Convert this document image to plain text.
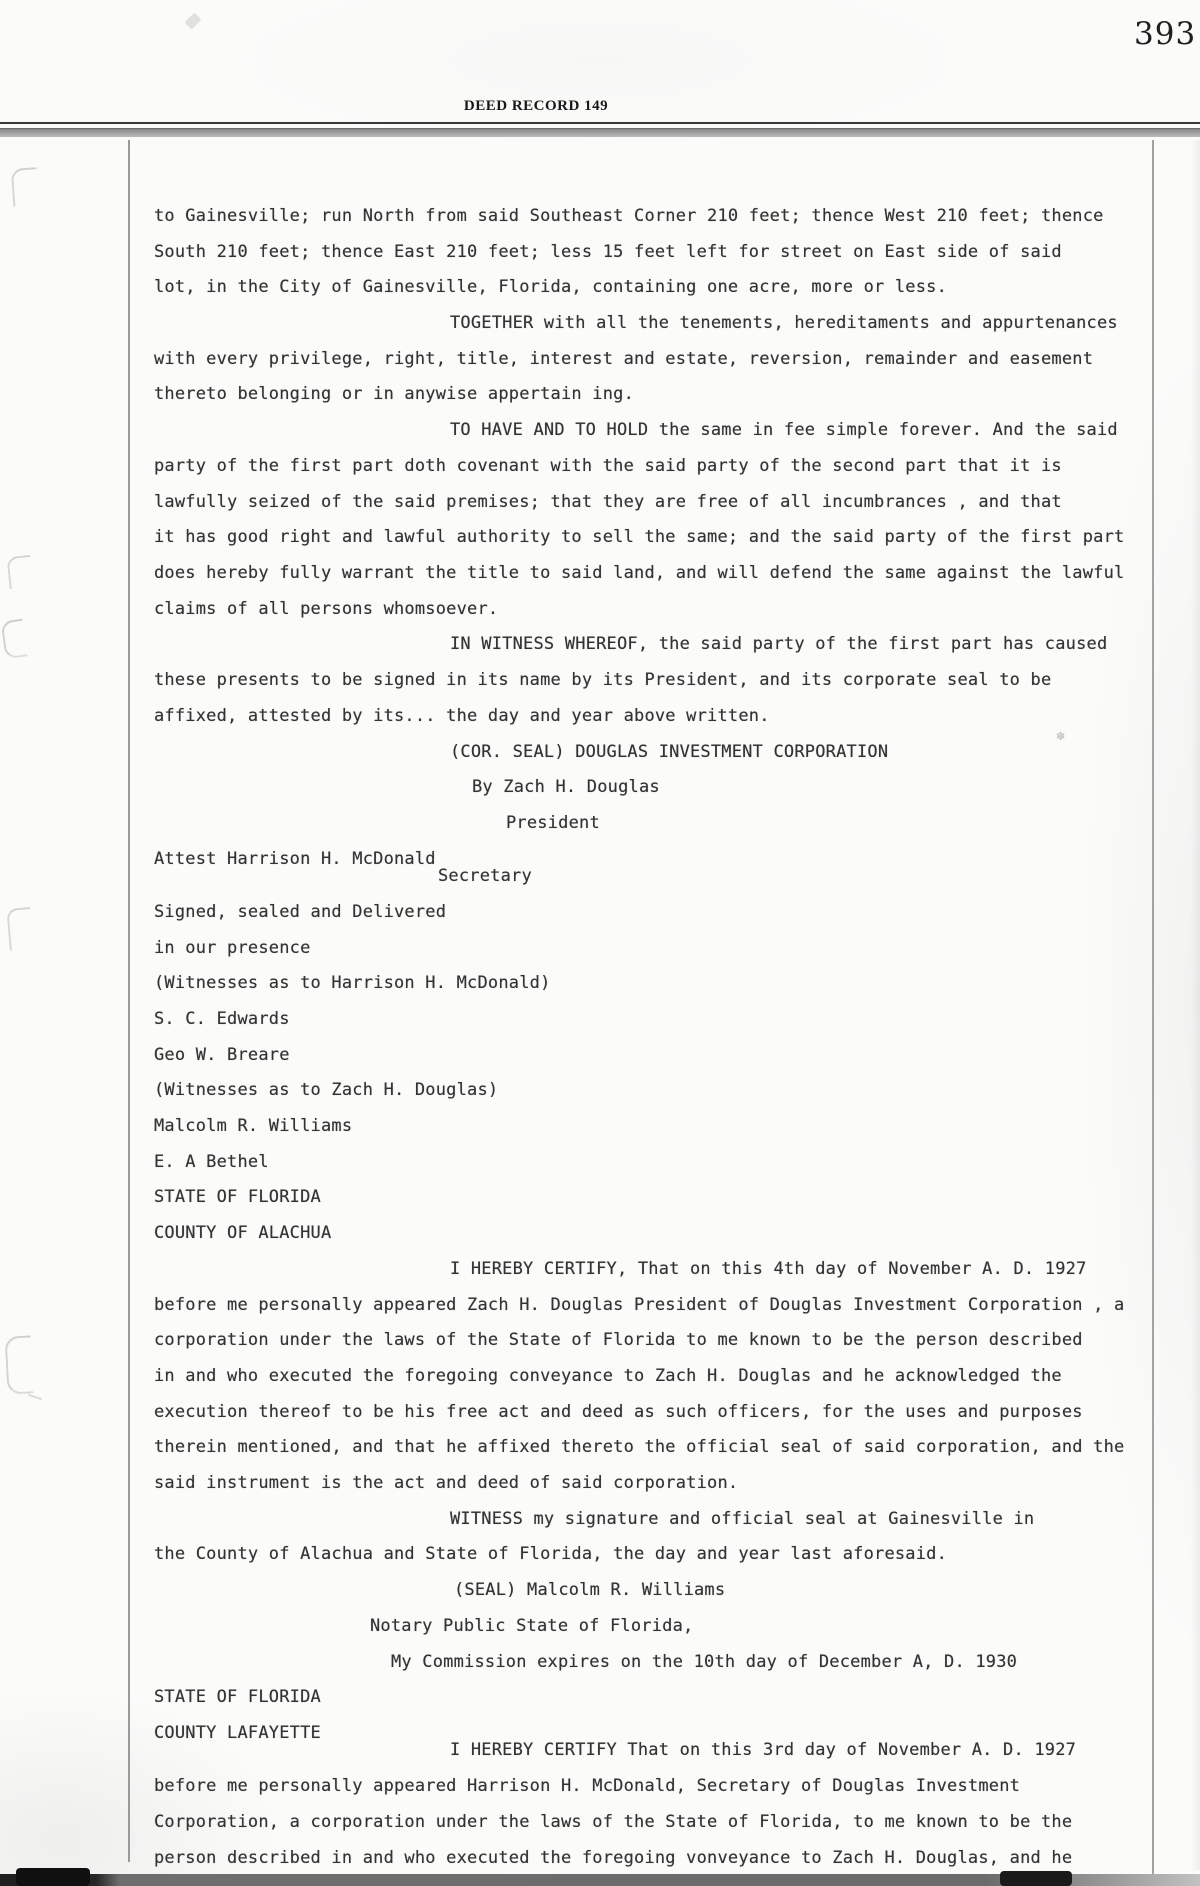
393
DEED RECORD 149
to Gainesville; run North from said Southeast Corner 210 feet; thence West 210 feet; thence
South 210 feet; thence East 210 feet; less 15 feet left for street on East side of said
lot, in the City of Gainesville, Florida, containing one acre, more or less.
TOGETHER with all the tenements, hereditaments and appurtenances
with every privilege, right, title, interest and estate, reversion, remainder and easement
thereto belonging or in anywise appertain ing.
TO HAVE AND TO HOLD the same in fee simple forever. And the said
party of the first part doth covenant with the said party of the second part that it is
lawfully seized of the said premises; that they are free of all incumbrances , and that
it has good right and lawful authority to sell the same; and the said party of the first part
does hereby fully warrant the title to said land, and will defend the same against the lawful
claims of all persons whomsoever.
IN WITNESS WHEREOF, the said party of the first part has caused
these presents to be signed in its name by its President, and its corporate seal to be
affixed, attested by its... the day and year above written.
(COR. SEAL) DOUGLAS INVESTMENT CORPORATION
By Zach H. Douglas
President
Attest Harrison H. McDonald
Secretary
Signed, sealed and Delivered
in our presence
(Witnesses as to Harrison H. McDonald)
S. C. Edwards
Geo W. Breare
(Witnesses as to Zach H. Douglas)
Malcolm R. Williams
E. A Bethel
STATE OF FLORIDA
COUNTY OF ALACHUA
I HEREBY CERTIFY, That on this 4th day of November A. D. 1927
before me personally appeared Zach H. Douglas President of Douglas Investment Corporation , a
corporation under the laws of the State of Florida to me known to be the person described
in and who executed the foregoing conveyance to Zach H. Douglas and he acknowledged the
execution thereof to be his free act and deed as such officers, for the uses and purposes
therein mentioned, and that he affixed thereto the official seal of said corporation, and the
said instrument is the act and deed of said corporation.
WITNESS my signature and official seal at Gainesville in
the County of Alachua and State of Florida, the day and year last aforesaid.
(SEAL) Malcolm R. Williams
Notary Public State of Florida,
My Commission expires on the 10th day of December A, D. 1930
STATE OF FLORIDA
COUNTY LAFAYETTE
I HEREBY CERTIFY That on this 3rd day of November A. D. 1927
before me personally appeared Harrison H. McDonald, Secretary of Douglas Investment
Corporation, a corporation under the laws of the State of Florida, to me known to be the
person described in and who executed the foregoing vonveyance to Zach H. Douglas, and he
✽
